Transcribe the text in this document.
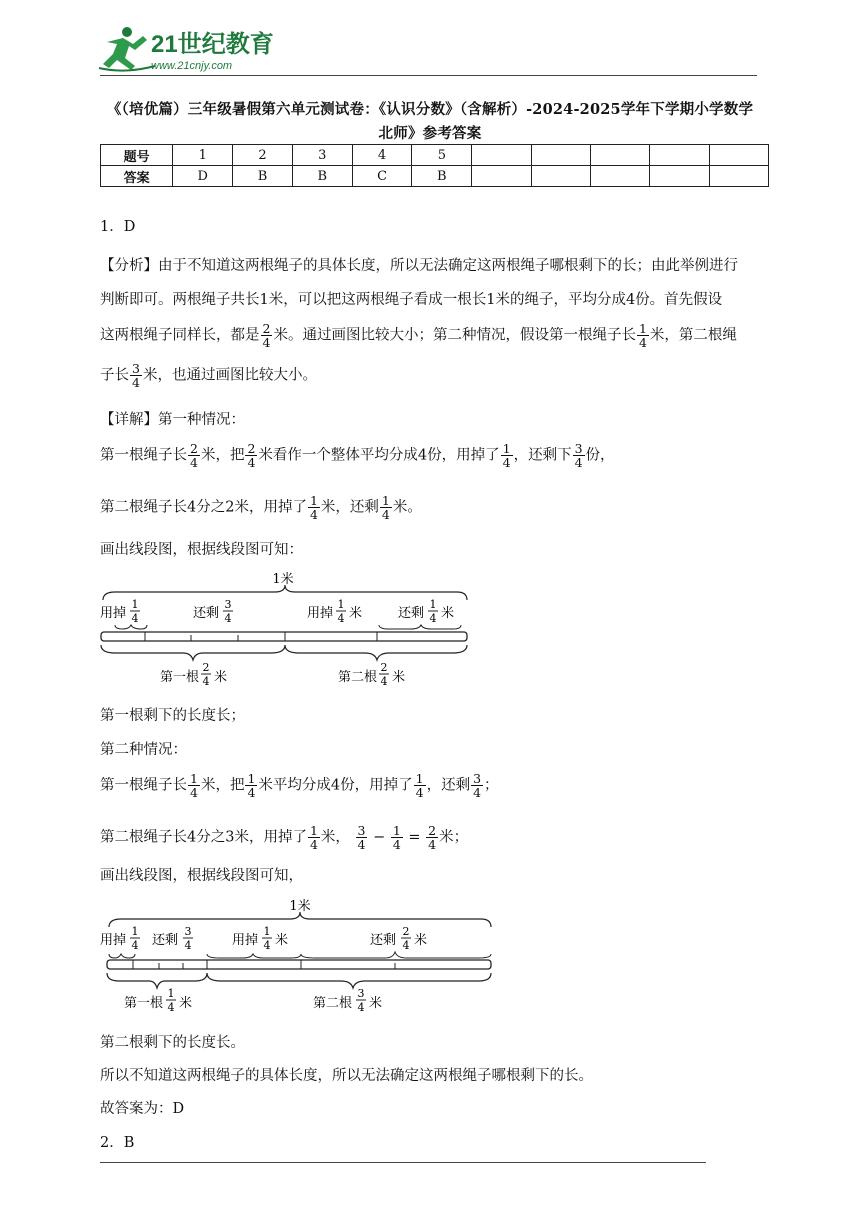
21世纪教育
www.21cnjy.com
《（培优篇）三年级暑假第六单元测试卷：《认识分数》（含解析）-2024-2025学年下学期小学数学北师》参考答案
题号	1	2	3	4	5					
答案	D	B	B	C	B					
1．D
【分析】由于不知道这两根绳子的具体长度，所以无法确定这两根绳子哪根剩下的长；由此举例进行
判断即可。两根绳子共长1米，可以把这两根绳子看成一根长1米的绳子，平均分成4份。首先假设
这两根绳子同样长，都是 $\frac{2}{4}$ 米。通过画图比较大小；第二种情况，假设第一根绳子长 $\frac{1}{4}$ 米，第二根绳
子长 $\frac{3}{4}$ 米，也通过画图比较大小。
【详解】第一种情况：
第一根绳子长 $\frac{2}{4}$ 米，把 $\frac{2}{4}$ 米看作一个整体平均分成4份，用掉了 $\frac{1}{4}$ ，还剩下 $\frac{3}{4}$ 份，
第二根绳子长4分之2米，用掉了 $\frac{1}{4}$ 米，还剩 $\frac{1}{4}$ 米。
画出线段图，根据线段图可知：
1米
用掉
1
4	还剩
3
4	用掉
1
4 米	还剩
1
4 米
第一根
2
4 米	第二根
2
4 米
第一根剩下的长度长；
第二种情况：
第一根绳子长 $\frac{1}{4}$ 米，把 $\frac{1}{4}$ 米平均分成4份，用掉了 $\frac{1}{4}$ ，还剩 $\frac{3}{4}$ ；
第二根绳子长4分之3米，用掉了 $\frac{1}{4}$ 米， $\frac{3}{4} - \frac{1}{4} = \frac{2}{4}$ 米；
画出线段图，根据线段图可知，
1米
用掉
1
4 还剩
3
4	用掉
1
4 米	还剩
2
4 米
第一根
1
4 米	第二根
3
4 米
第二根剩下的长度长。
所以不知道这两根绳子的具体长度，所以无法确定这两根绳子哪根剩下的长。
故答案为：D
2．B
